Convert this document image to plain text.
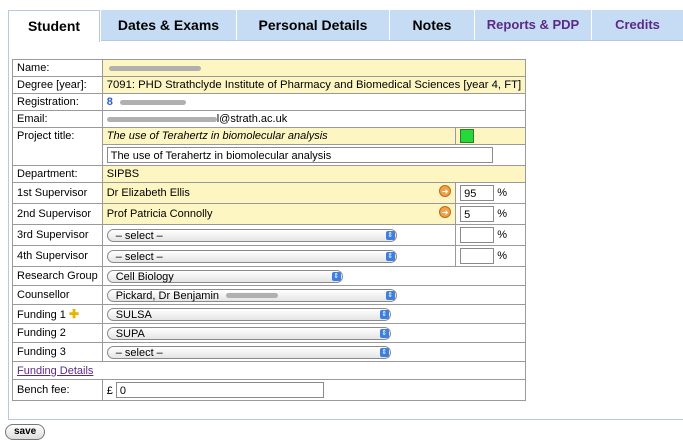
Student	Dates & Exams	Personal Details	Notes	Reports & PDP	Credits
Name:		
Degree [year]:	7091: PHD Strathclyde Institute of Pharmacy and Biomedical Sciences [year 4, FT]	
Registration:	8	
Email:	l@strath.ac.uk	
Project title:	The use of Terahertz in biomolecular analysis	
	The use of Terahertz in biomolecular analysis	
Department:	SIPBS	
1st Supervisor	Dr Elizabeth Ellis ➜	95 %
2nd Supervisor	Prof Patricia Connolly ➜	5 %
3rd Supervisor	– select – ⇕	%
4th Supervisor	– select – ⇕	%
Research Group	Cell Biology ⇕	

Counsellor	Pickard, Dr Benjamin ⇕	

Funding 1 ✚	SULSA ⇕	

Funding 2	SUPA ⇕	

Funding 3	– select – ⇕	

Funding Details		
Bench fee:	£ 0	
save
